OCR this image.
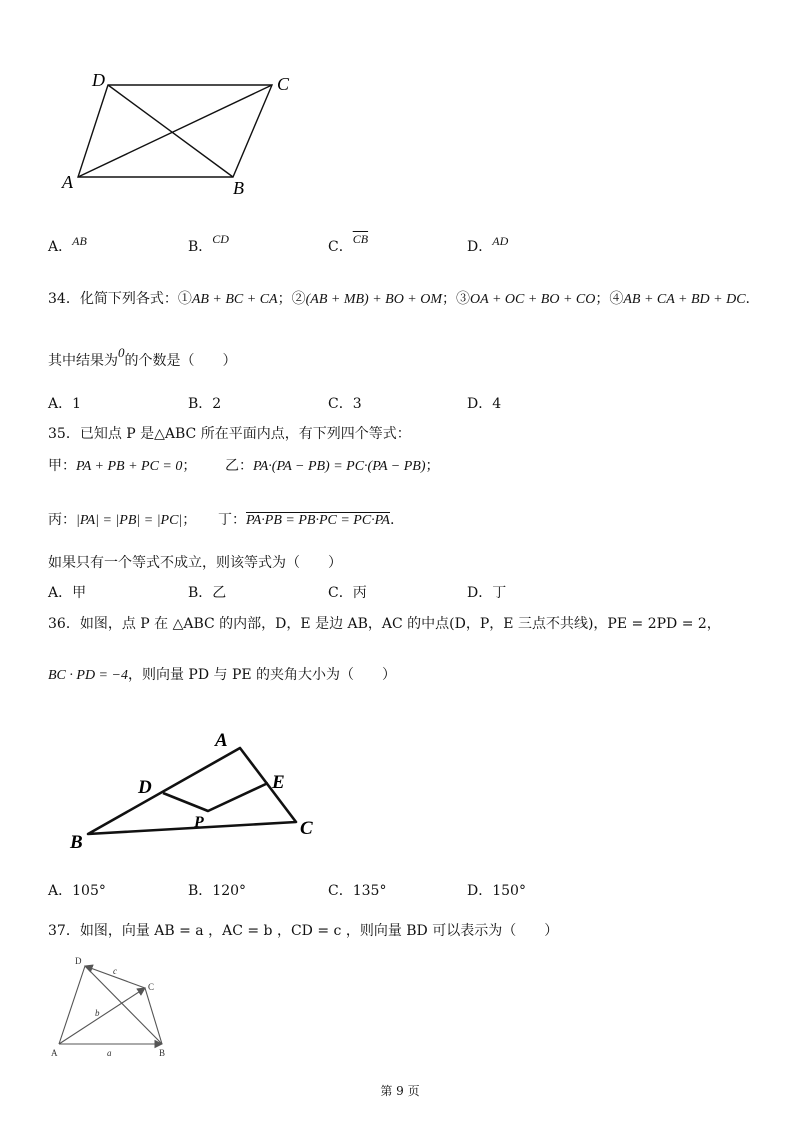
A	B
C
D
A．AB	B．CD	C．$\overline{CB}$	D．AD
34．化简下列各式：①AB + BC + CA；②(AB + MB) + BO + OM；③OA + OC + BO + CO；④AB + CA + BD + DC.
其中结果为0的个数是（　　）
A．1	B．2	C．3	D．4
35．已知点 P 是△ABC 所在平面内点，有下列四个等式：
甲：PA + PB + PC = 0； 乙：PA·(PA − PB) = PC·(PA − PB)；
丙：|PA| = |PB| = |PC|； 丁：PA·PB = PB·PC = PC·PA.
如果只有一个等式不成立，则该等式为（　　）
A．甲	B．乙	C．丙	D．丁
36．如图，点 P 在 △ABC 的内部，D，E 是边 AB，AC 的中点(D，P，E 三点不共线)，PE = 2PD = 2，
BC · PD = −4，则向量 PD 与 PE 的夹角大小为（　　）
A
B
C
D	E
P
A．105°	B．120°	C．135°	D．150°
37．如图，向量 AB = a ，AC = b ，CD = c ，则向量 BD 可以表示为（　　）
A	B
C
D
a
b
c
第 9 页
